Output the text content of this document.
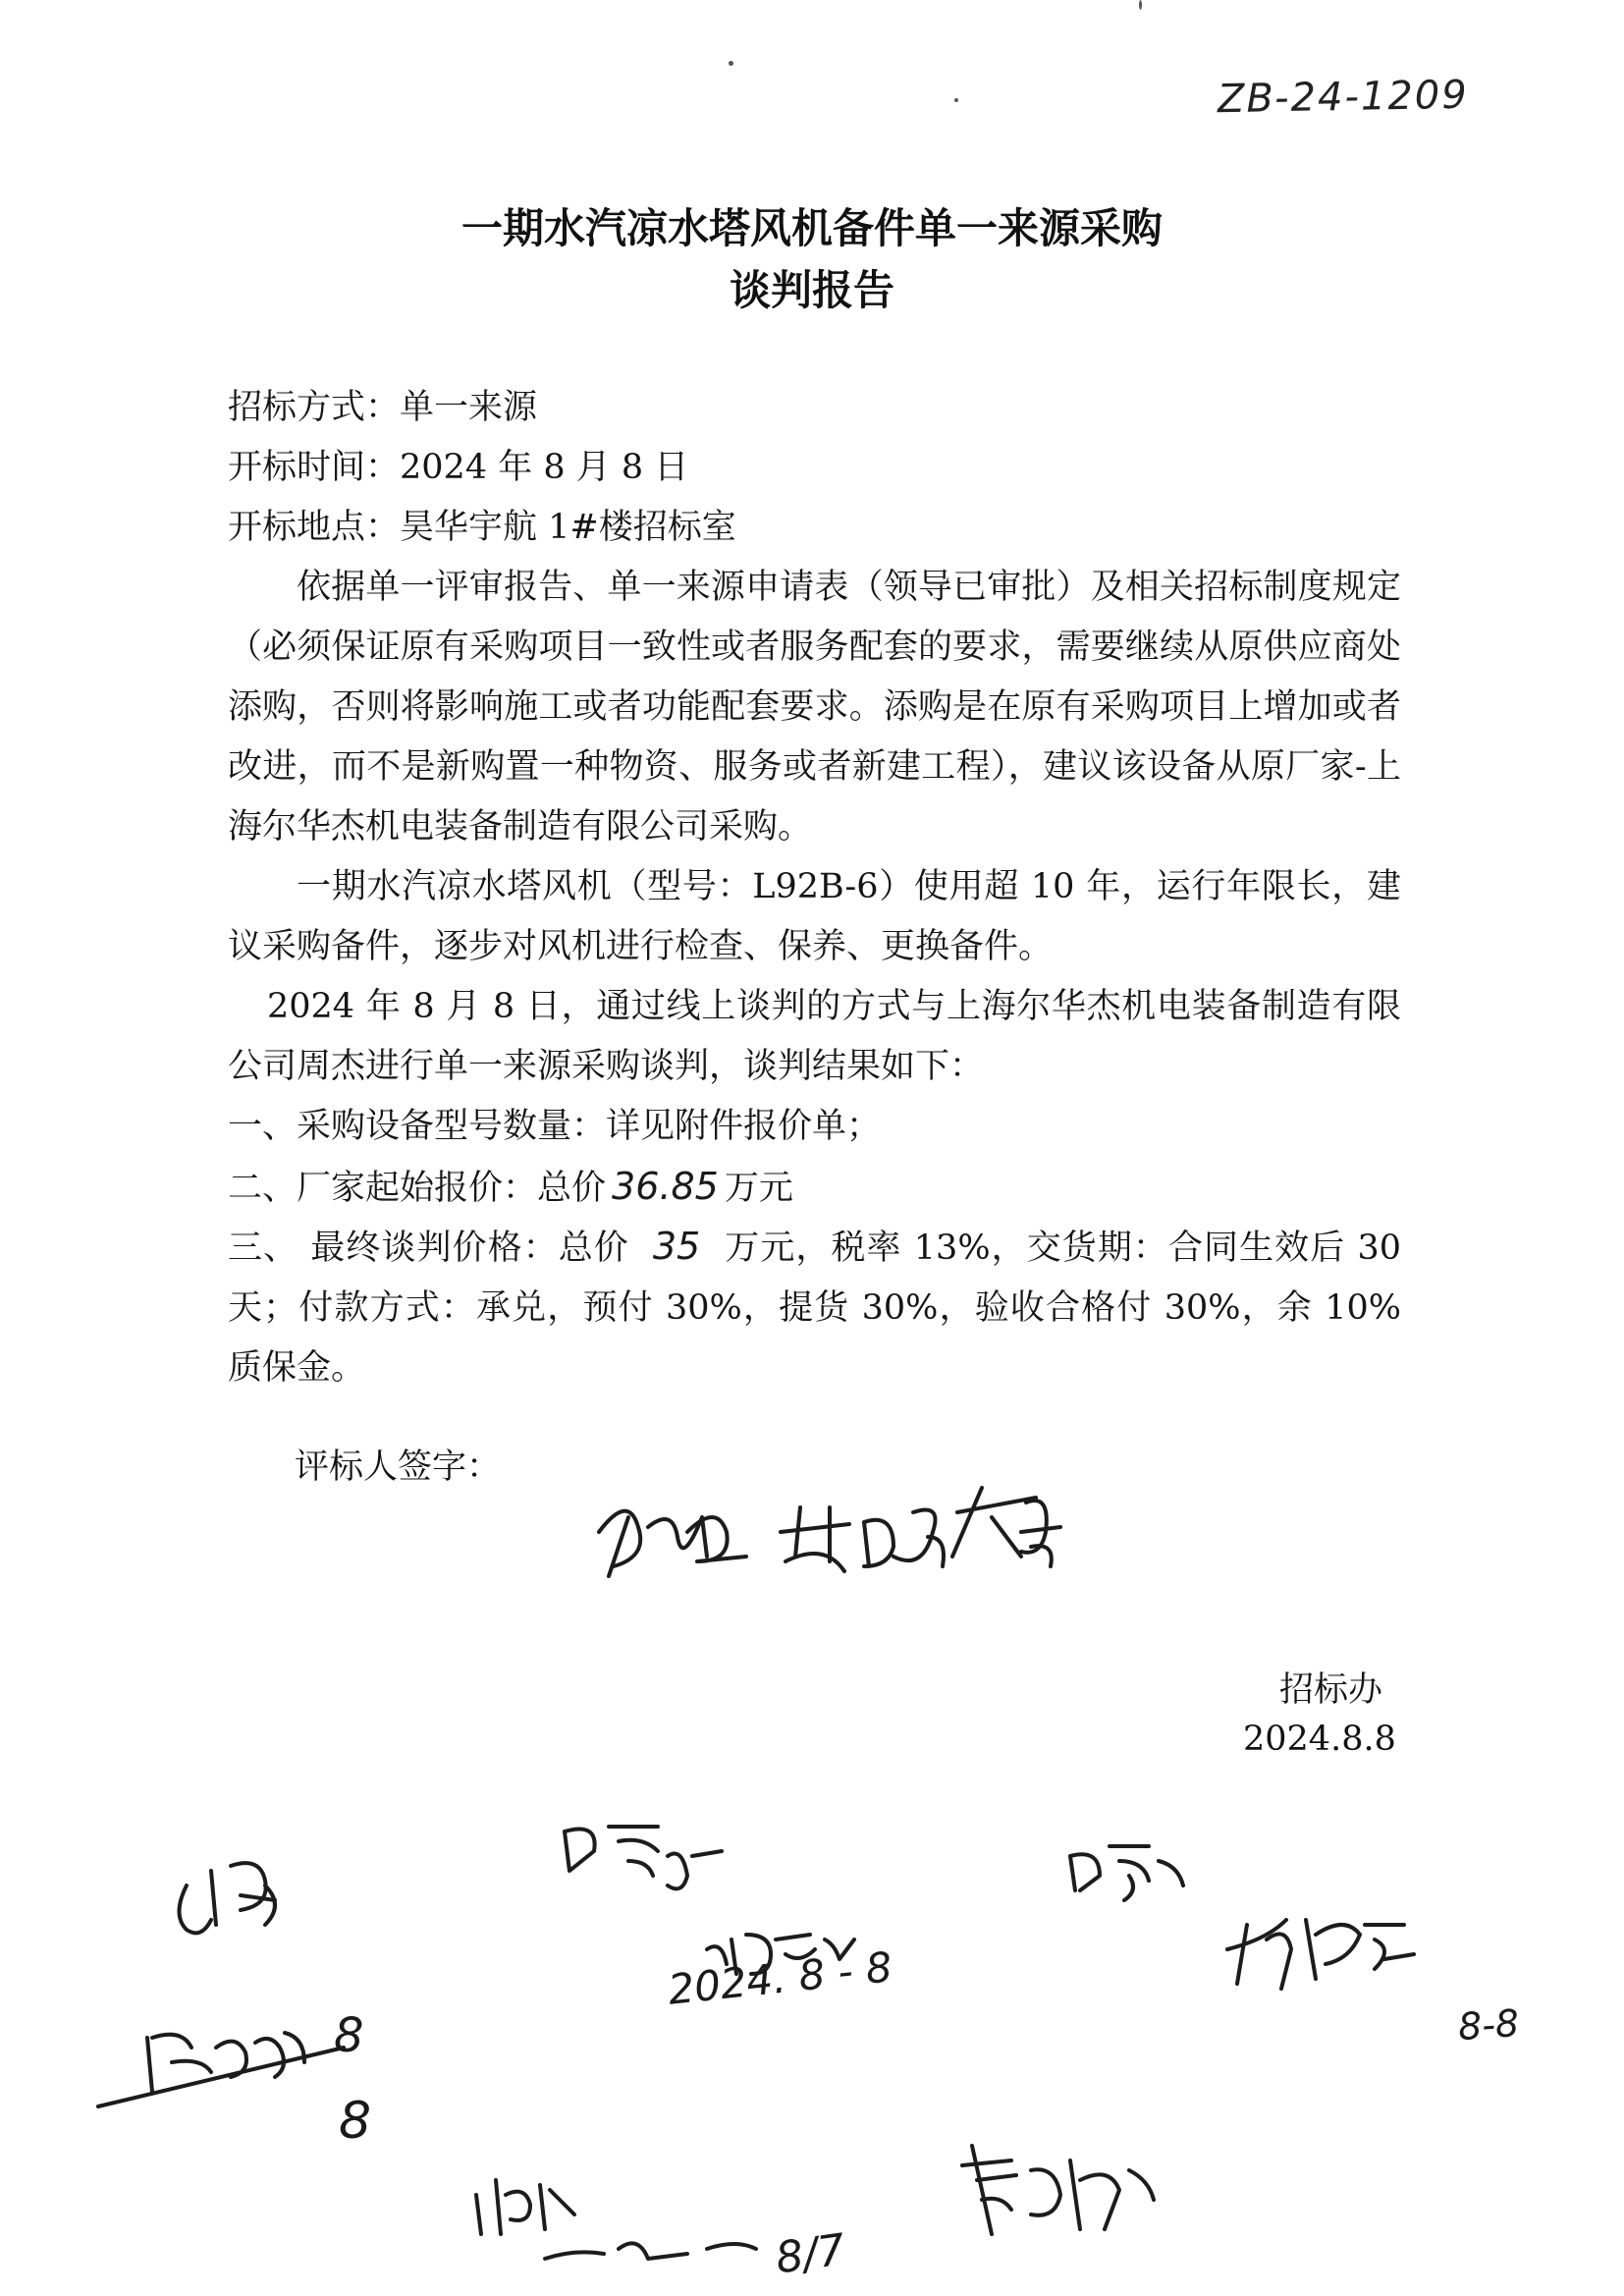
ZB-24-1209
一期水汽凉水塔风机备件单一来源采购
谈判报告
招标方式：单一来源
开标时间：2024 年 8 月 8 日
开标地点：昊华宇航 1#楼招标室
依据单一评审报告、单一来源申请表（领导已审批）及相关招标制度规定（必须保证原有采购项目一致性或者服务配套的要求，需要继续从原供应商处添购，否则将影响施工或者功能配套要求。添购是在原有采购项目上增加或者改进，而不是新购置一种物资、服务或者新建工程），建议该设备从原厂家-上海尔华杰机电装备制造有限公司采购。
一期水汽凉水塔风机（型号：L92B-6）使用超 10 年，运行年限长，建议采购备件，逐步对风机进行检查、保养、更换备件。
2024 年 8 月 8 日，通过线上谈判的方式与上海尔华杰机电装备制造有限公司周杰进行单一来源采购谈判，谈判结果如下：
一、采购设备型号数量：详见附件报价单；
二、厂家起始报价：总价 36.85 万元
三、 最终谈判价格：总价 35 万元，税率 13%，交货期：合同生效后 30 天；付款方式：承兑，预付 30%，提货 30%，验收合格付 30%，余 10%质保金。
评标人签字：
招标办
2024.8.8
2024. 8 - 8
8-8
8
8
8/7
